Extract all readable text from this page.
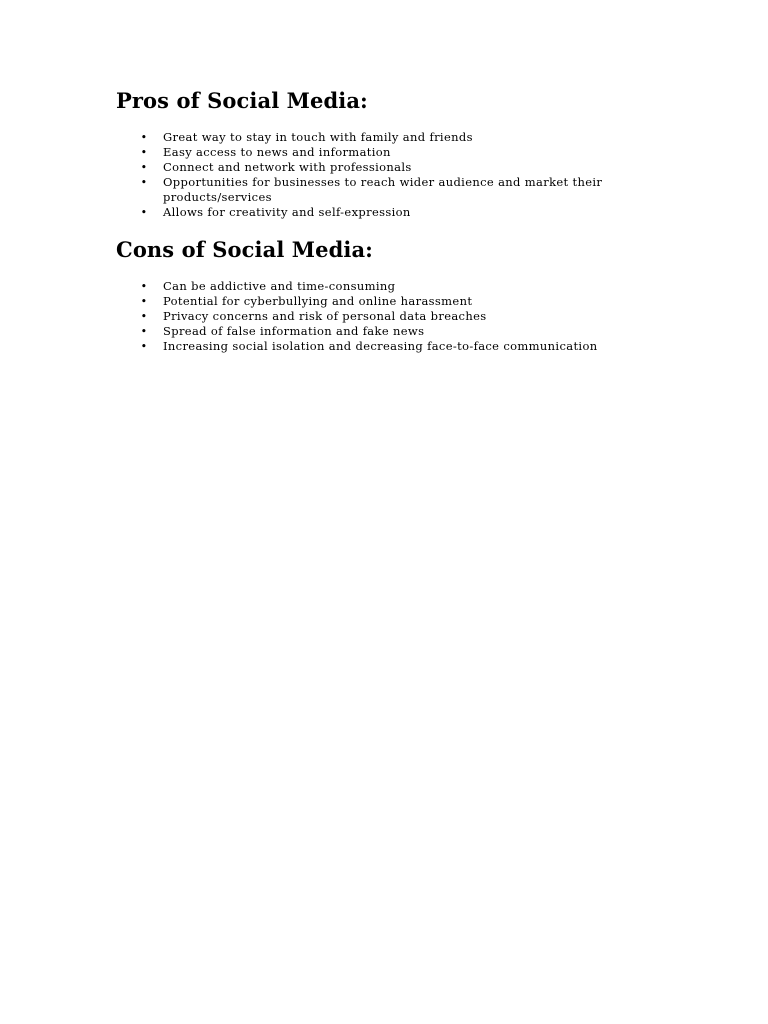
Pros of Social Media:
• Great way to stay in touch with family and friends
• Easy access to news and information
• Connect and network with professionals
• Opportunities for businesses to reach wider audience and market their products/services
• Allows for creativity and self-expression
Cons of Social Media:
• Can be addictive and time-consuming
• Potential for cyberbullying and online harassment
• Privacy concerns and risk of personal data breaches
• Spread of false information and fake news
• Increasing social isolation and decreasing face-to-face communication
